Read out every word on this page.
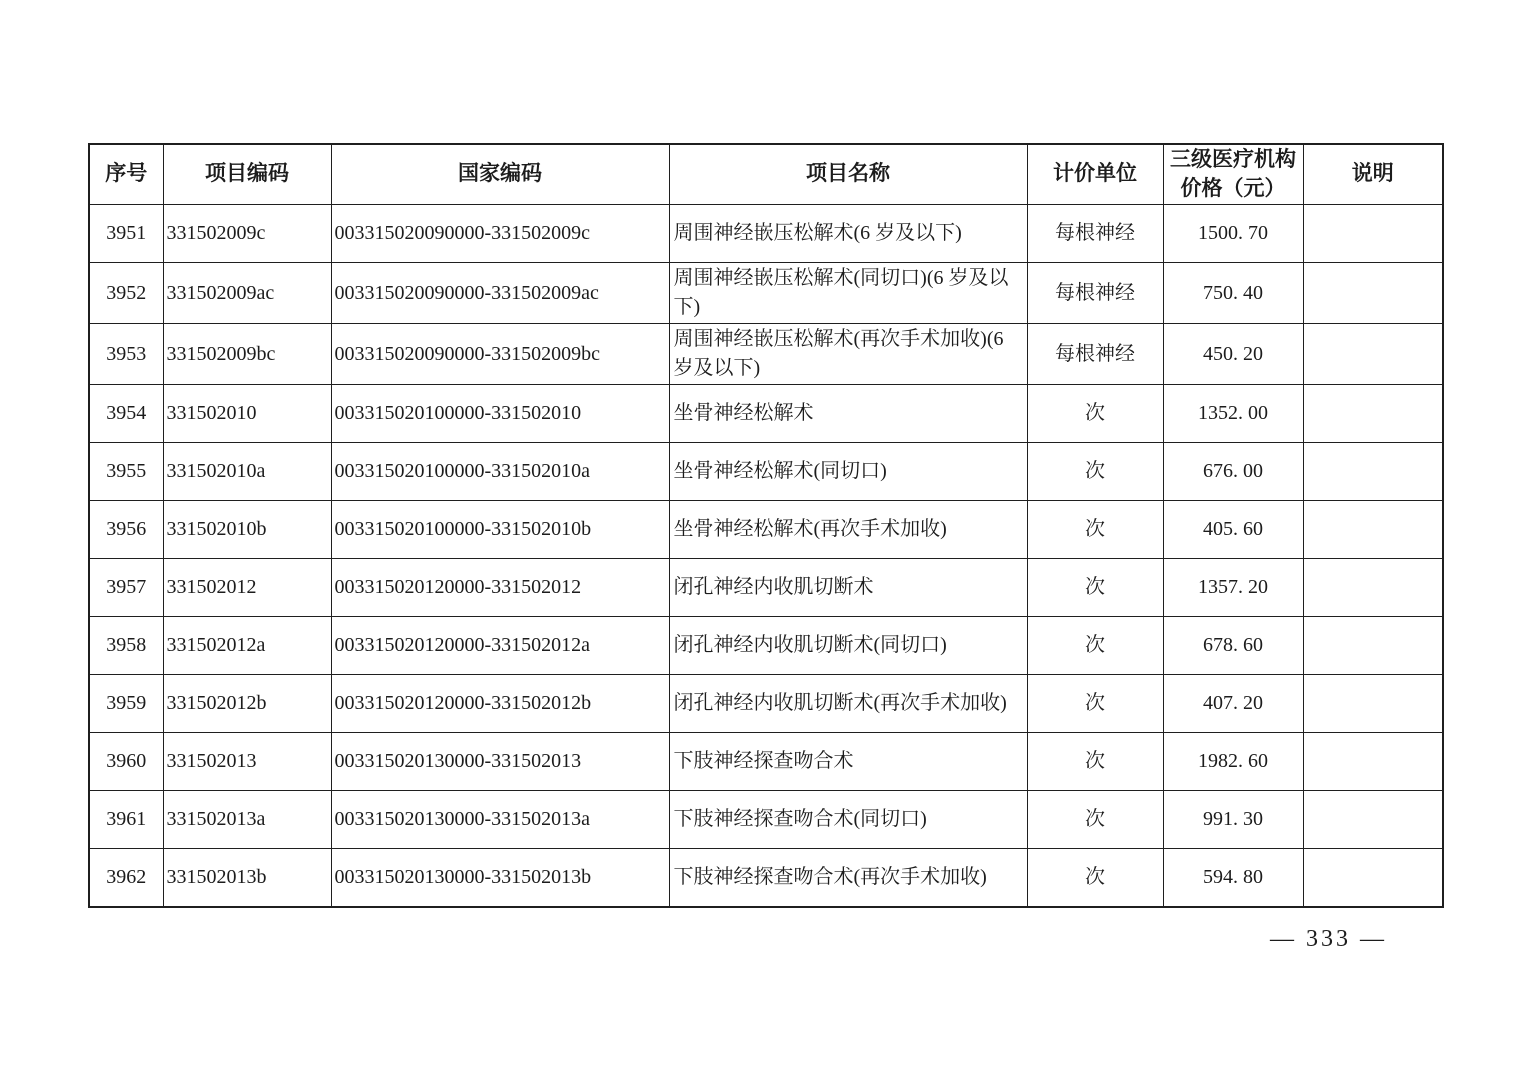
序号	项目编码	国家编码	项目名称	计价单位	三级医疗机构价格（元）	说明
3951	331502009c	003315020090000-331502009c	周围神经嵌压松解术(6 岁及以下)	每根神经	1500. 70	
3952	331502009ac	003315020090000-331502009ac	周围神经嵌压松解术(同切口)(6 岁及以下)	每根神经	750. 40	
3953	331502009bc	003315020090000-331502009bc	周围神经嵌压松解术(再次手术加收)(6 岁及以下)	每根神经	450. 20	
3954	331502010	003315020100000-331502010	坐骨神经松解术	次	1352. 00	
3955	331502010a	003315020100000-331502010a	坐骨神经松解术(同切口)	次	676. 00	
3956	331502010b	003315020100000-331502010b	坐骨神经松解术(再次手术加收)	次	405. 60	
3957	331502012	003315020120000-331502012	闭孔神经内收肌切断术	次	1357. 20	
3958	331502012a	003315020120000-331502012a	闭孔神经内收肌切断术(同切口)	次	678. 60	
3959	331502012b	003315020120000-331502012b	闭孔神经内收肌切断术(再次手术加收)	次	407. 20	
3960	331502013	003315020130000-331502013	下肢神经探查吻合术	次	1982. 60	
3961	331502013a	003315020130000-331502013a	下肢神经探查吻合术(同切口)	次	991. 30	
3962	331502013b	003315020130000-331502013b	下肢神经探查吻合术(再次手术加收)	次	594. 80	
— 333 —
